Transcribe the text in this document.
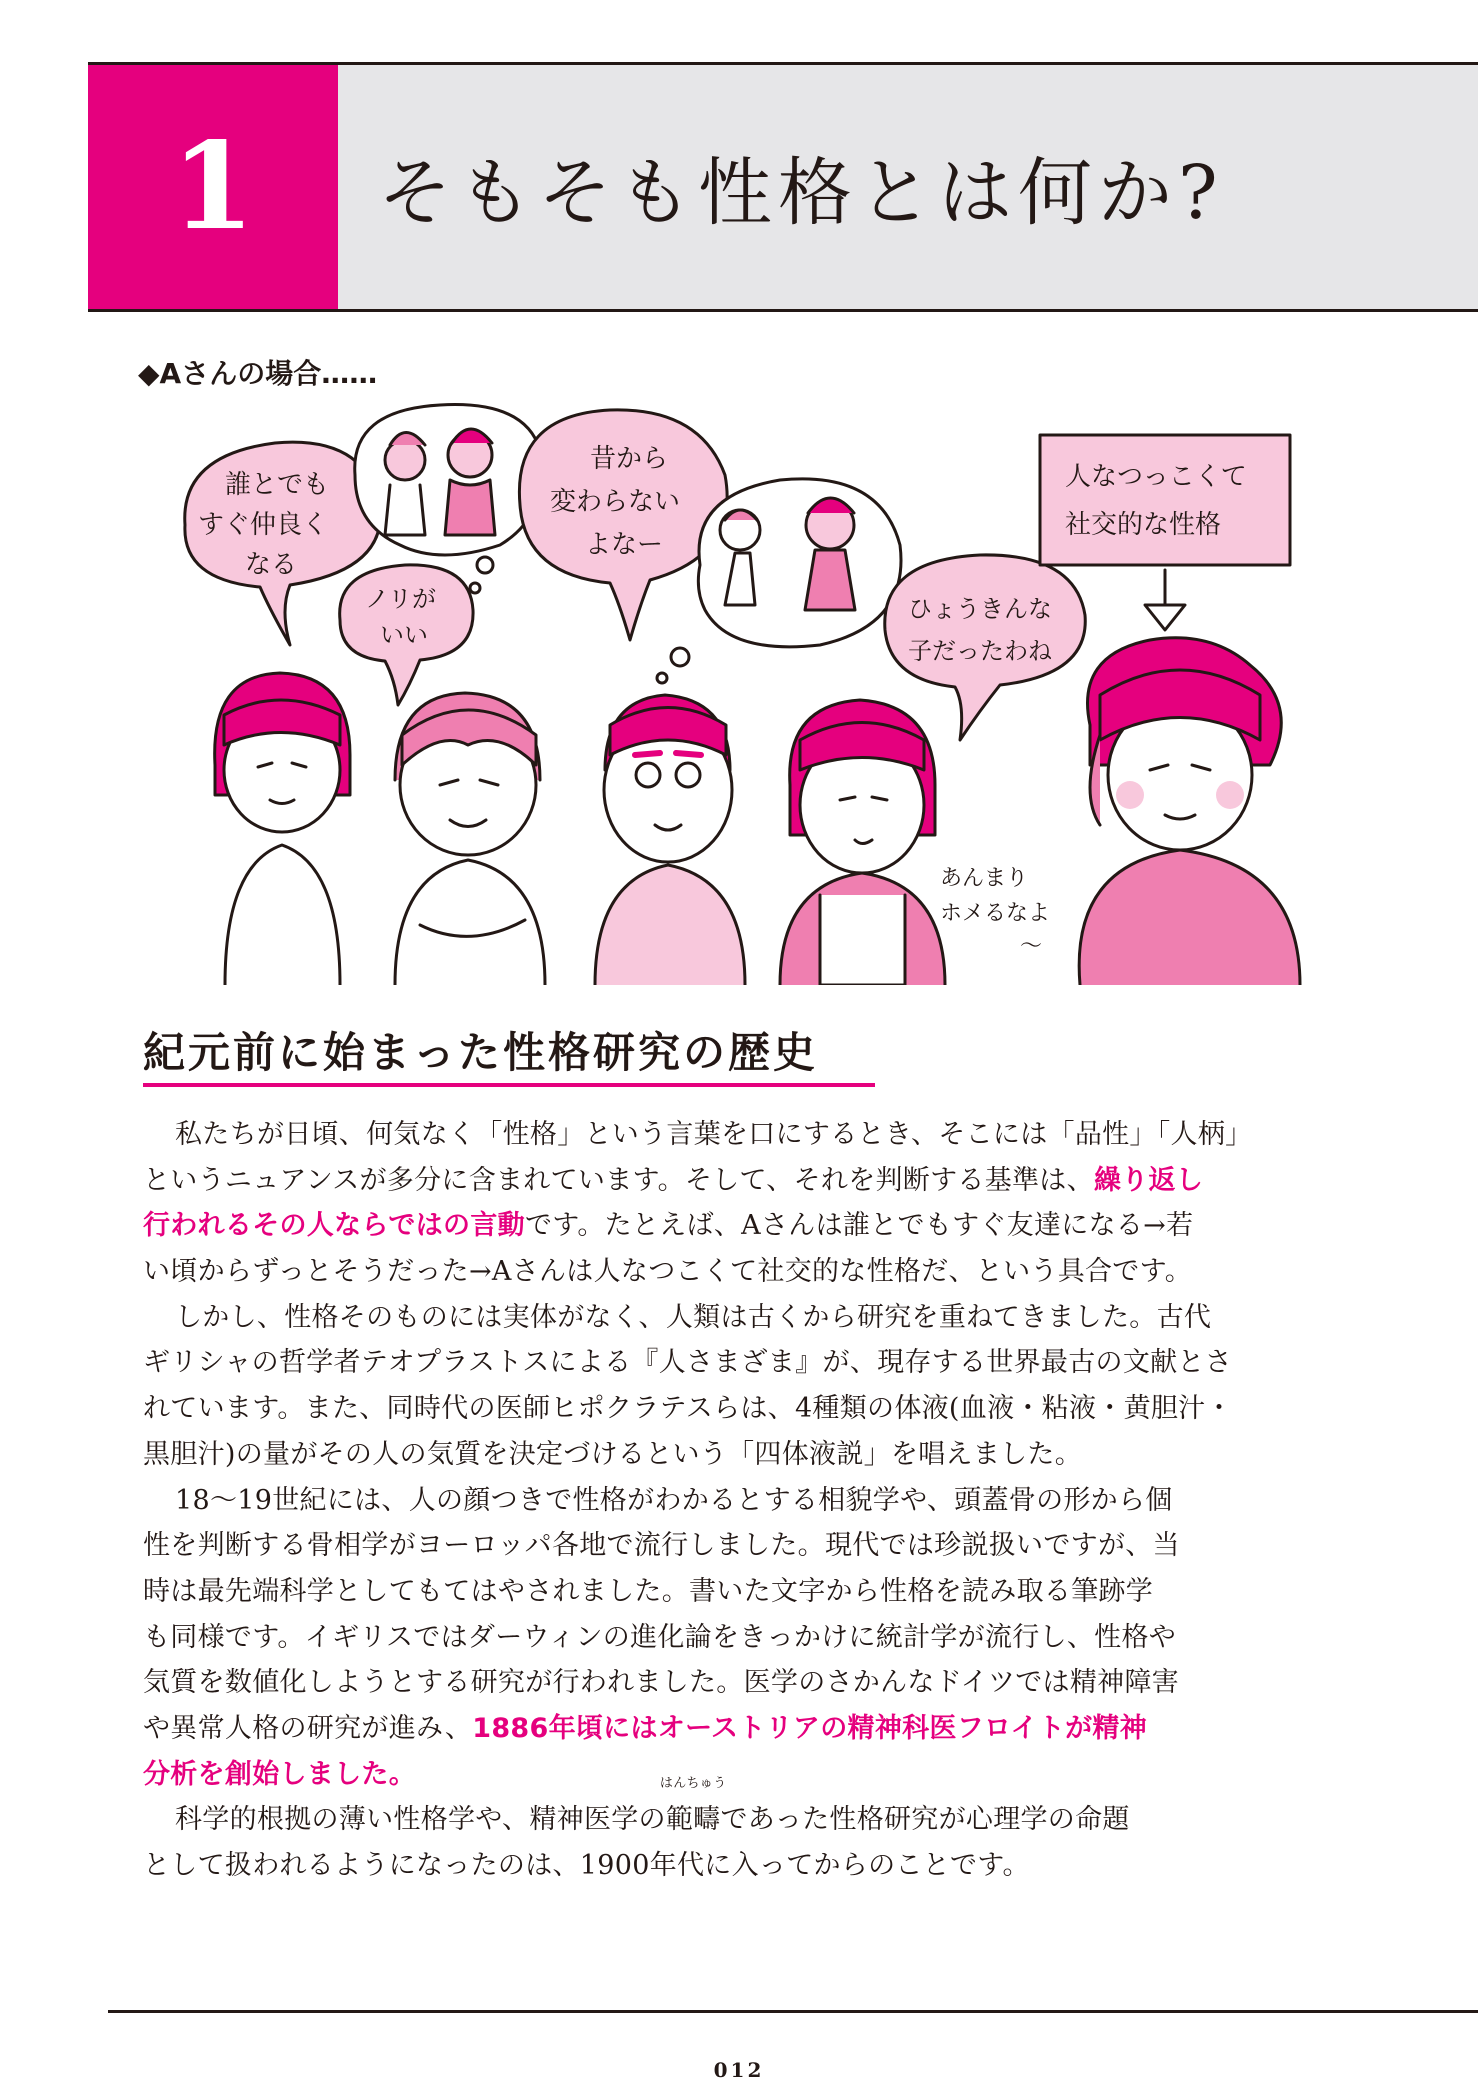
1 そもそも性格とは何か?
◆Aさんの場合……
誰とでも
すぐ仲良く
なる
ノリが
いい
昔から
変わらない
よなー
ひょうきんな
子だったわね
人なつっこくて
社交的な性格
あんまり
ホメるなよ
〜
紀元前に始まった性格研究の歴史
私たちが日頃、何気なく「性格」という言葉を口にするとき、そこには「品性」「人柄」
というニュアンスが多分に含まれています。そして、それを判断する基準は、繰り返し
行われるその人ならではの言動です。たとえば、Aさんは誰とでもすぐ友達になる→若
い頃からずっとそうだった→Aさんは人なつこくて社交的な性格だ、という具合です。
しかし、性格そのものには実体がなく、人類は古くから研究を重ねてきました。古代
ギリシャの哲学者テオプラストスによる『人さまざま』が、現存する世界最古の文献とさ
れています。また、同時代の医師ヒポクラテスらは、4種類の体液(血液・粘液・黄胆汁・
黒胆汁)の量がその人の気質を決定づけるという「四体液説」を唱えました。
18〜19世紀には、人の顔つきで性格がわかるとする相貌学や、頭蓋骨の形から個
性を判断する骨相学がヨーロッパ各地で流行しました。現代では珍説扱いですが、当
時は最先端科学としてもてはやされました。書いた文字から性格を読み取る筆跡学
も同様です。イギリスではダーウィンの進化論をきっかけに統計学が流行し、性格や
気質を数値化しようとする研究が行われました。医学のさかんなドイツでは精神障害
や異常人格の研究が進み、1886年頃にはオーストリアの精神科医フロイトが精神
分析を創始しました。
科学的根拠の薄い性格学や、精神医学の
はんちゅう
範疇であった性格研究が心理学の命題
として扱われるようになったのは、1900年代に入ってからのことです。
012
